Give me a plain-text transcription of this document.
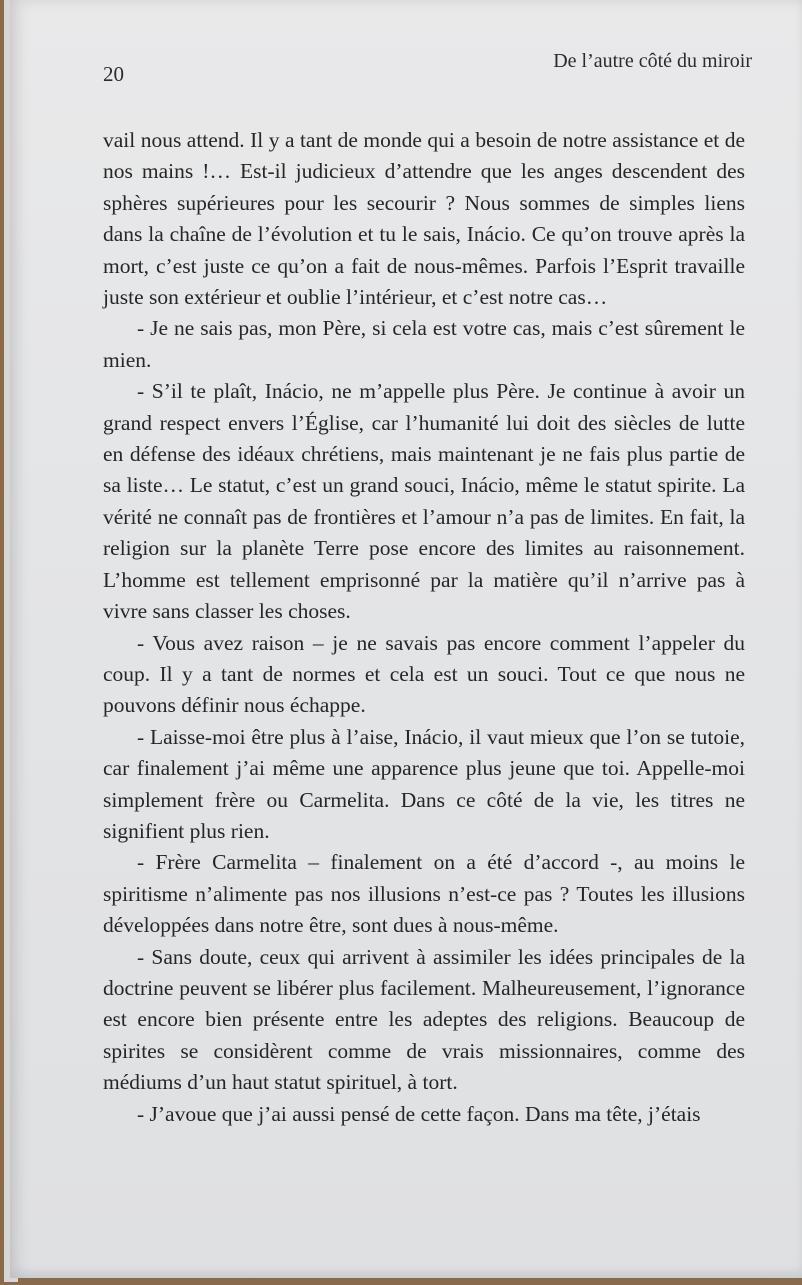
20

De l’autre côté du miroir

vail nous attend. Il y a tant de monde qui a besoin de notre assistance et de nos mains !… Est-il judicieux d’attendre que les anges descendent des sphères supérieures pour les secourir ? Nous sommes de simples liens dans la chaîne de l’évolution et tu le sais, Inácio. Ce qu’on trouve après la mort, c’est juste ce qu’on a fait de nous-mêmes. Parfois l’Esprit travaille juste son extérieur et oublie l’intérieur, et c’est notre cas…

- Je ne sais pas, mon Père, si cela est votre cas, mais c’est sûrement le mien.

- S’il te plaît, Inácio, ne m’appelle plus Père. Je continue à avoir un grand respect envers l’Église, car l’humanité lui doit des siècles de lutte en défense des idéaux chrétiens, mais maintenant je ne fais plus partie de sa liste… Le statut, c’est un grand souci, Inácio, même le statut spirite. La vérité ne connaît pas de frontières et l’amour n’a pas de limites. En fait, la religion sur la planète Terre pose encore des limites au raisonnement. L’homme est tellement emprisonné par la matière qu’il n’arrive pas à vivre sans classer les choses.

- Vous avez raison – je ne savais pas encore comment l’appeler du coup. Il y a tant de normes et cela est un souci. Tout ce que nous ne pouvons définir nous échappe.

- Laisse-moi être plus à l’aise, Inácio, il vaut mieux que l’on se tutoie, car finalement j’ai même une apparence plus jeune que toi. Appelle-moi simplement frère ou Carmelita. Dans ce côté de la vie, les titres ne signifient plus rien.

- Frère Carmelita – finalement on a été d’accord -, au moins le spiritisme n’alimente pas nos illusions n’est-ce pas ? Toutes les illusions développées dans notre être, sont dues à nous-même.

- Sans doute, ceux qui arrivent à assimiler les idées principales de la doctrine peuvent se libérer plus facilement. Malheureusement, l’ignorance est encore bien présente entre les adeptes des religions. Beaucoup de spirites se considèrent comme de vrais missionnaires, comme des médiums d’un haut statut spirituel, à tort.

- J’avoue que j’ai aussi pensé de cette façon. Dans ma tête, j’étais
